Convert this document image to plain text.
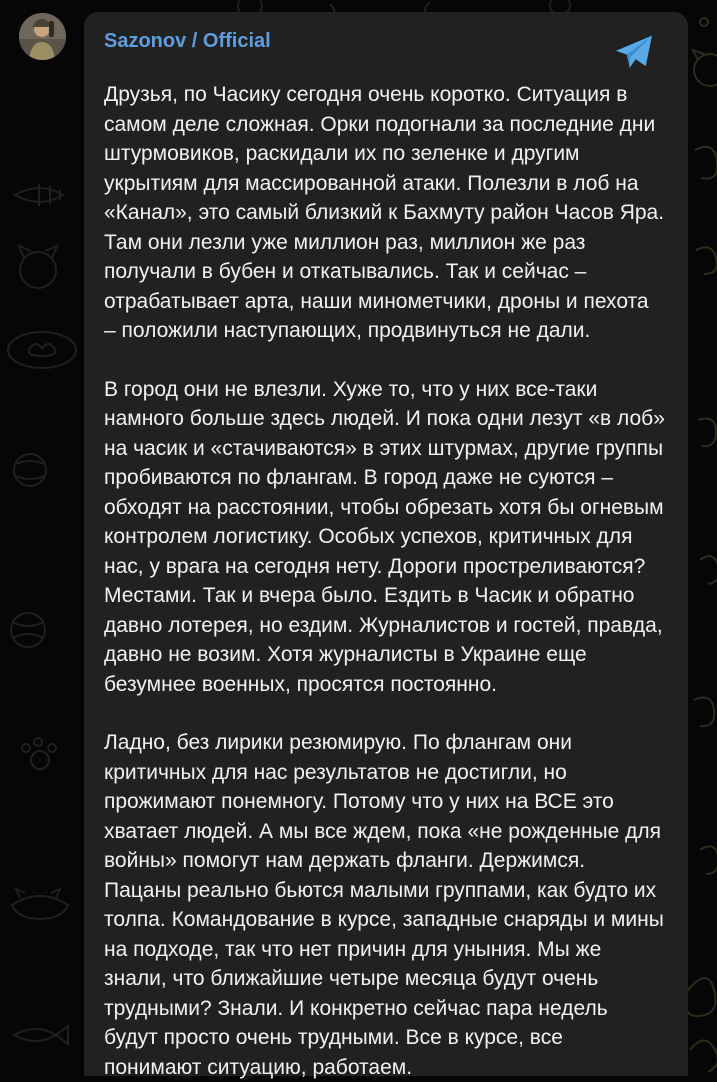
Sazonov / Official

Друзья, по Часику сегодня очень коротко. Ситуация в самом деле сложная. Орки подогнали за последние дни штурмовиков, раскидали их по зеленке и другим укрытиям для массированной атаки. Полезли в лоб на «Канал», это самый близкий к Бахмуту район Часов Яра. Там они лезли уже миллион раз, миллион же раз получали в бубен и откатывались. Так и сейчас – отрабатывает арта, наши минометчики, дроны и пехота – положили наступающих, продвинуться не дали.

В город они не влезли. Хуже то, что у них все-таки намного больше здесь людей. И пока одни лезут «в лоб» на часик и «стачиваются» в этих штурмах, другие группы пробиваются по флангам. В город даже не суются – обходят на расстоянии, чтобы обрезать хотя бы огневым контролем логистику. Особых успехов, критичных для нас, у врага на сегодня нету. Дороги простреливаются? Местами. Так и вчера было. Ездить в Часик и обратно давно лотерея, но ездим. Журналистов и гостей, правда, давно не возим. Хотя журналисты в Украине еще безумнее военных, просятся постоянно.

Ладно, без лирики резюмирую. По флангам они критичных для нас результатов не достигли, но прожимают понемногу. Потому что у них на ВСЕ это хватает людей. А мы все ждем, пока «не рожденные для войны» помогут нам держать фланги. Держимся. Пацаны реально бьются малыми группами, как будто их толпа. Командование в курсе, западные снаряды и мины на подходе, так что нет причин для уныния. Мы же знали, что ближайшие четыре месяца будут очень трудными? Знали. И конкретно сейчас пара недель будут просто очень трудными. Все в курсе, все понимают ситуацию, работаем.
